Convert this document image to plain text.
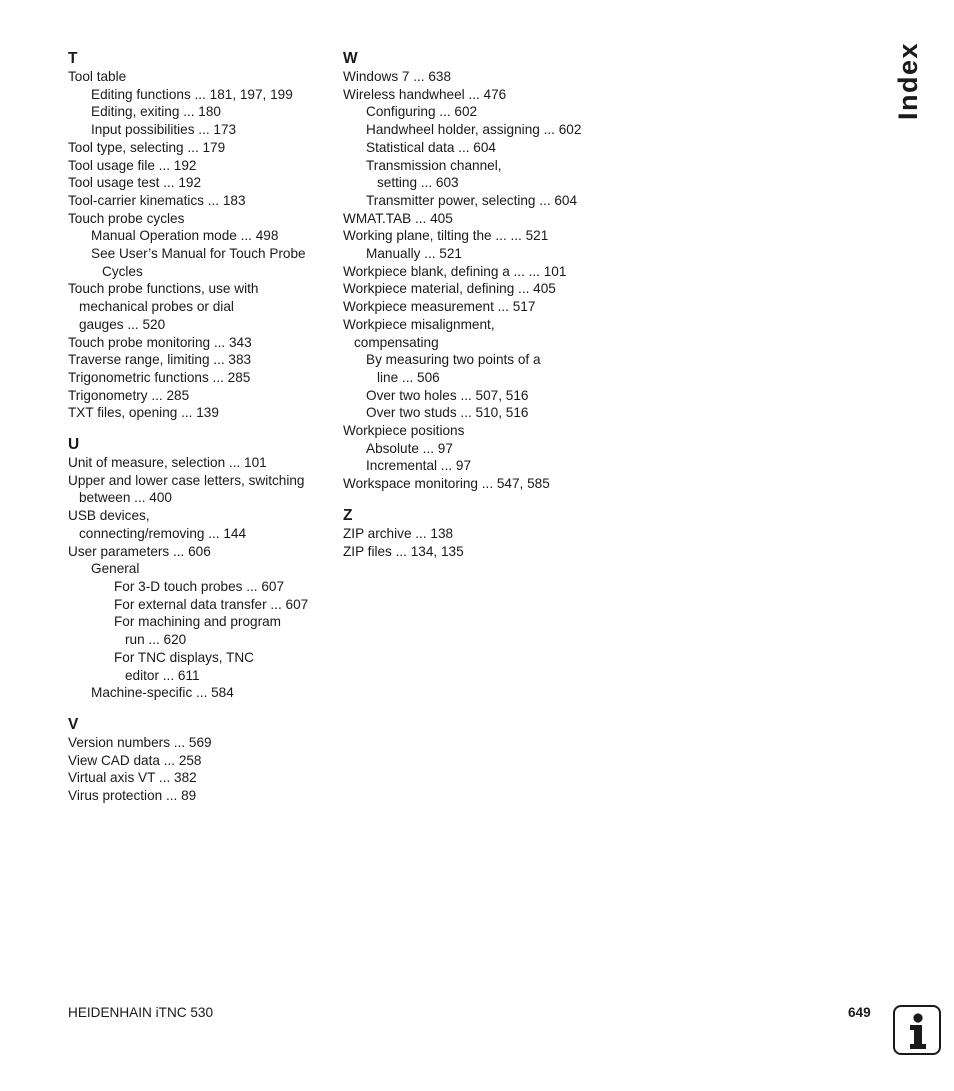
T
Tool table
Editing functions ... 181, 197, 199
Editing, exiting ... 180
Input possibilities ... 173
Tool type, selecting ... 179
Tool usage file ... 192
Tool usage test ... 192
Tool-carrier kinematics ... 183
Touch probe cycles
Manual Operation mode ... 498
See User’s Manual for Touch Probe
Cycles
Touch probe functions, use with
mechanical probes or dial
gauges ... 520
Touch probe monitoring ... 343
Traverse range, limiting ... 383
Trigonometric functions ... 285
Trigonometry ... 285
TXT files, opening ... 139
U
Unit of measure, selection ... 101
Upper and lower case letters, switching
between ... 400
USB devices,
connecting/removing ... 144
User parameters ... 606
General
For 3-D touch probes ... 607
For external data transfer ... 607
For machining and program
run ... 620
For TNC displays, TNC
editor ... 611
Machine-specific ... 584
V
Version numbers ... 569
View CAD data ... 258
Virtual axis VT ... 382
Virus protection ... 89
W
Windows 7 ... 638
Wireless handwheel ... 476
Configuring ... 602
Handwheel holder, assigning ... 602
Statistical data ... 604
Transmission channel,
setting ... 603
Transmitter power, selecting ... 604
WMAT.TAB ... 405
Working plane, tilting the ... ... 521
Manually ... 521
Workpiece blank, defining a ... ... 101
Workpiece material, defining ... 405
Workpiece measurement ... 517
Workpiece misalignment,
compensating
By measuring two points of a
line ... 506
Over two holes ... 507, 516
Over two studs ... 510, 516
Workpiece positions
Absolute ... 97
Incremental ... 97
Workspace monitoring ... 547, 585
Z
ZIP archive ... 138
ZIP files ... 134, 135
Index
HEIDENHAIN iTNC 530	649
